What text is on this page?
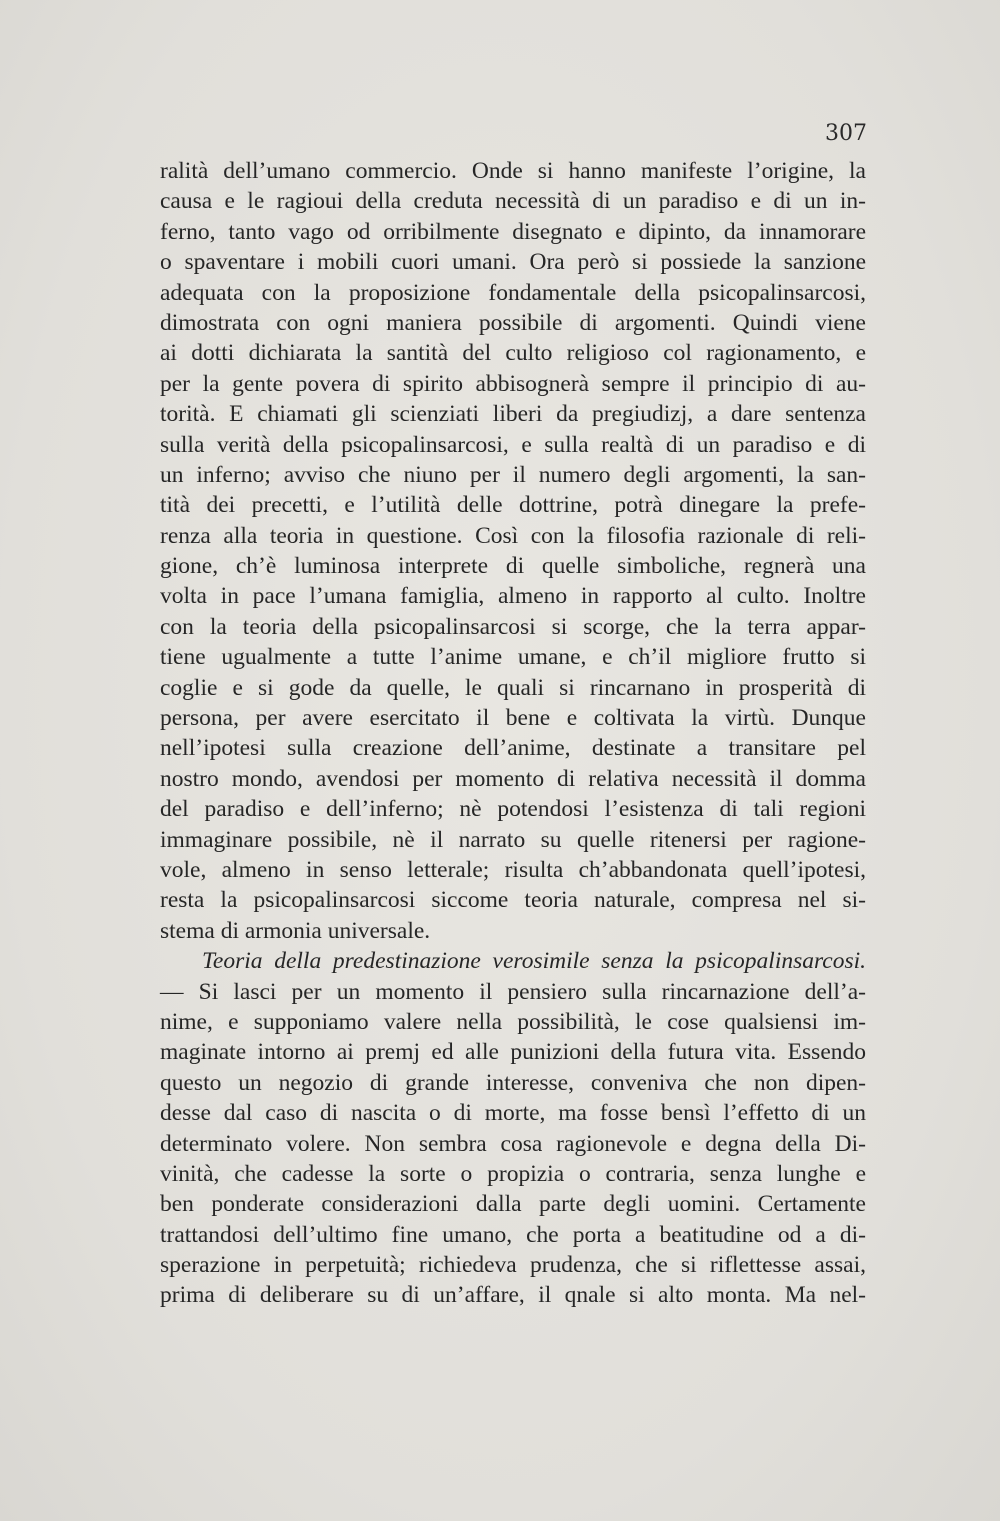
307
ralità dell’umano commercio. Onde si hanno manifeste l’origine, la
causa e le ragioui della creduta necessità di un paradiso e di un in-
ferno, tanto vago od orribilmente disegnato e dipinto, da innamorare
o spaventare i mobili cuori umani. Ora però si possiede la sanzione
adequata con la proposizione fondamentale della psicopalinsarcosi,
dimostrata con ogni maniera possibile di argomenti. Quindi viene
ai dotti dichiarata la santità del culto religioso col ragionamento, e
per la gente povera di spirito abbisognerà sempre il principio di au-
torità. E chiamati gli scienziati liberi da pregiudizj, a dare sentenza
sulla verità della psicopalinsarcosi, e sulla realtà di un paradiso e di
un inferno; avviso che niuno per il numero degli argomenti, la san-
tità dei precetti, e l’utilità delle dottrine, potrà dinegare la prefe-
renza alla teoria in questione. Così con la filosofia razionale di reli-
gione, ch’è luminosa interprete di quelle simboliche, regnerà una
volta in pace l’umana famiglia, almeno in rapporto al culto. Inoltre
con la teoria della psicopalinsarcosi si scorge, che la terra appar-
tiene ugualmente a tutte l’anime umane, e ch’il migliore frutto si
coglie e si gode da quelle, le quali si rincarnano in prosperità di
persona, per avere esercitato il bene e coltivata la virtù. Dunque
nell’ipotesi sulla creazione dell’anime, destinate a transitare pel
nostro mondo, avendosi per momento di relativa necessità il domma
del paradiso e dell’inferno; nè potendosi l’esistenza di tali regioni
immaginare possibile, nè il narrato su quelle ritenersi per ragione-
vole, almeno in senso letterale; risulta ch’abbandonata quell’ipotesi,
resta la psicopalinsarcosi siccome teoria naturale, compresa nel si-
stema di armonia universale.
Teoria della predestinazione verosimile senza la psicopalinsarcosi.
— Si lasci per un momento il pensiero sulla rincarnazione dell’a-
nime, e supponiamo valere nella possibilità, le cose qualsiensi im-
maginate intorno ai premj ed alle punizioni della futura vita. Essendo
questo un negozio di grande interesse, conveniva che non dipen-
desse dal caso di nascita o di morte, ma fosse bensì l’effetto di un
determinato volere. Non sembra cosa ragionevole e degna della Di-
vinità, che cadesse la sorte o propizia o contraria, senza lunghe e
ben ponderate considerazioni dalla parte degli uomini. Certamente
trattandosi dell’ultimo fine umano, che porta a beatitudine od a di-
sperazione in perpetuità; richiedeva prudenza, che si riflettesse assai,
prima di deliberare su di un’affare, il qnale si alto monta. Ma nel-
